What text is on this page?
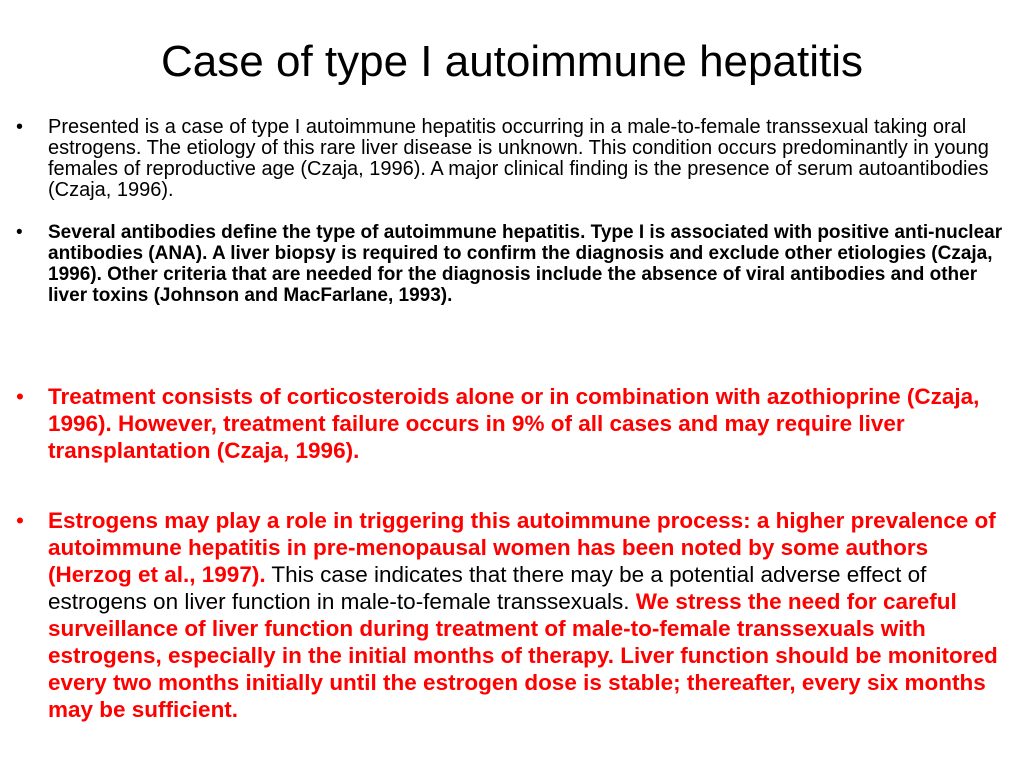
Case of type I autoimmune hepatitis
•	Presented is a case of type I autoimmune hepatitis occurring in a male-to-female transsexual taking oral estrogens. The etiology of this rare liver disease is unknown. This condition occurs predominantly in young females of reproductive age (Czaja, 1996). A major clinical finding is the presence of serum autoantibodies (Czaja, 1996).
•	Several antibodies define the type of autoimmune hepatitis. Type I is associated with positive anti-nuclear antibodies (ANA). A liver biopsy is required to confirm the diagnosis and exclude other etiologies (Czaja, 1996). Other criteria that are needed for the diagnosis include the absence of viral antibodies and other liver toxins (Johnson and MacFarlane, 1993).
•	Treatment consists of corticosteroids alone or in combination with azothioprine (Czaja, 1996). However, treatment failure occurs in 9% of all cases and may require liver transplantation (Czaja, 1996).
•	Estrogens may play a role in triggering this autoimmune process: a higher prevalence of autoimmune hepatitis in pre-menopausal women has been noted by some authors (Herzog et al., 1997). This case indicates that there may be a potential adverse effect of estrogens on liver function in male-to-female transsexuals. We stress the need for careful surveillance of liver function during treatment of male-to-female transsexuals with estrogens, especially in the initial months of therapy. Liver function should be monitored every two months initially until the estrogen dose is stable; thereafter, every six months may be sufficient.
